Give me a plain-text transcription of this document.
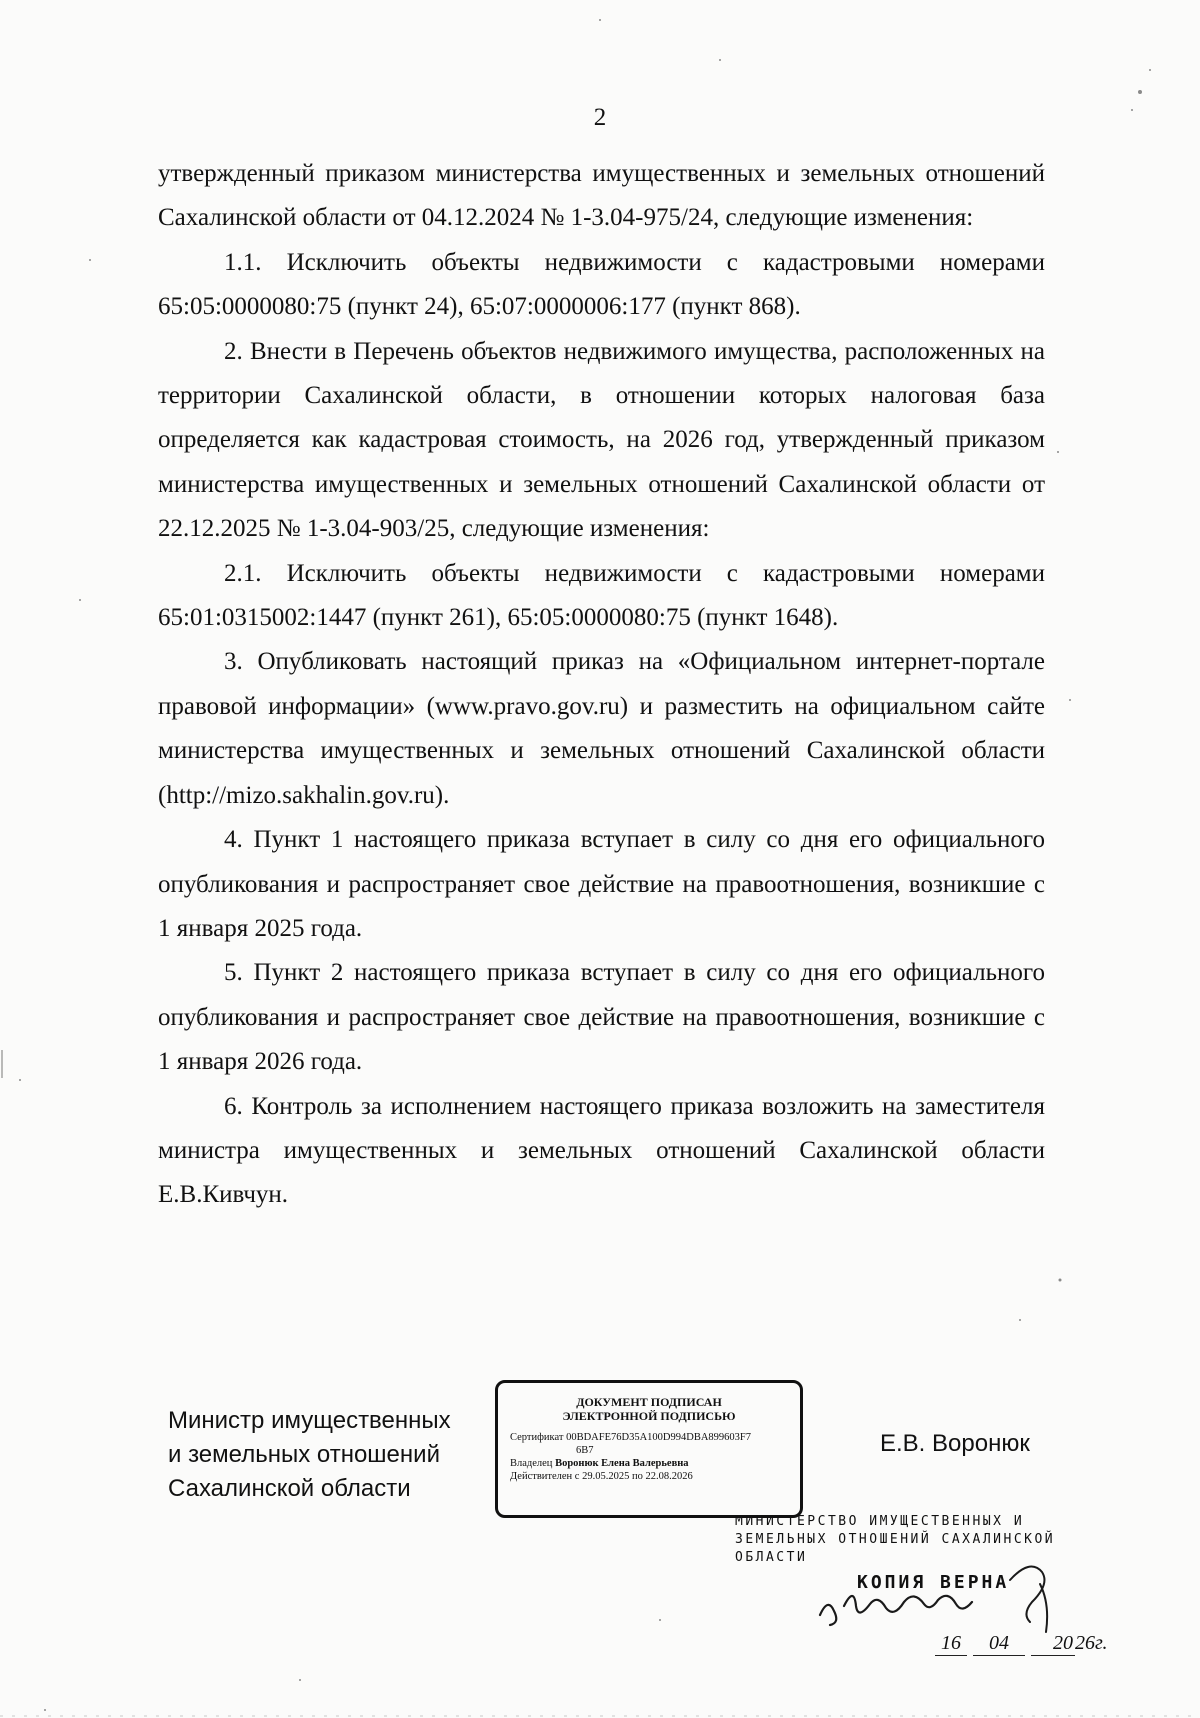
2

утвержденный приказом министерства имущественных и земельных отношений Сахалинской области от 04.12.2024 № 1-3.04-975/24, следующие изменения:

1.1. Исключить объекты недвижимости с кадастровыми номерами 65:05:0000080:75 (пункт 24), 65:07:0000006:177 (пункт 868).

2. Внести в Перечень объектов недвижимого имущества, расположенных на территории Сахалинской области, в отношении которых налоговая база определяется как кадастровая стоимость, на 2026 год, утвержденный приказом министерства имущественных и земельных отношений Сахалинской области от 22.12.2025 № 1-3.04-903/25, следующие изменения:

2.1. Исключить объекты недвижимости с кадастровыми номерами 65:01:0315002:1447 (пункт 261), 65:05:0000080:75 (пункт 1648).

3. Опубликовать настоящий приказ на «Официальном интернет-портале правовой информации» (www.pravo.gov.ru) и разместить на официальном сайте министерства имущественных и земельных отношений Сахалинской области (http://mizo.sakhalin.gov.ru).

4. Пункт 1 настоящего приказа вступает в силу со дня его официального опубликования и распространяет свое действие на правоотношения, возникшие с 1 января 2025 года.

5. Пункт 2 настоящего приказа вступает в силу со дня его официального опубликования и распространяет свое действие на правоотношения, возникшие с 1 января 2026 года.

6. Контроль за исполнением настоящего приказа возложить на заместителя министра имущественных и земельных отношений Сахалинской области Е.В.Кивчун.

Министр имущественных
и земельных отношений
Сахалинской области
ДОКУМЕНТ ПОДПИСАН
ЭЛЕКТРОННОЙ ПОДПИСЬЮ
Сертификат 00BDAFE76D35A100D994DBA899603F7
6B7
Владелец Воронюк Елена Валерьевна
Действителен с 29.05.2025 по 22.08.2026
Е.В. Воронюк
МИНИСТЕРСТВО ИМУЩЕСТВЕННЫХ И
ЗЕМЕЛЬНЫХ ОТНОШЕНИЙ САХАЛИНСКОЙ
ОБЛАСТИ
КОПИЯ ВЕРНА
16 04 20 26г.
